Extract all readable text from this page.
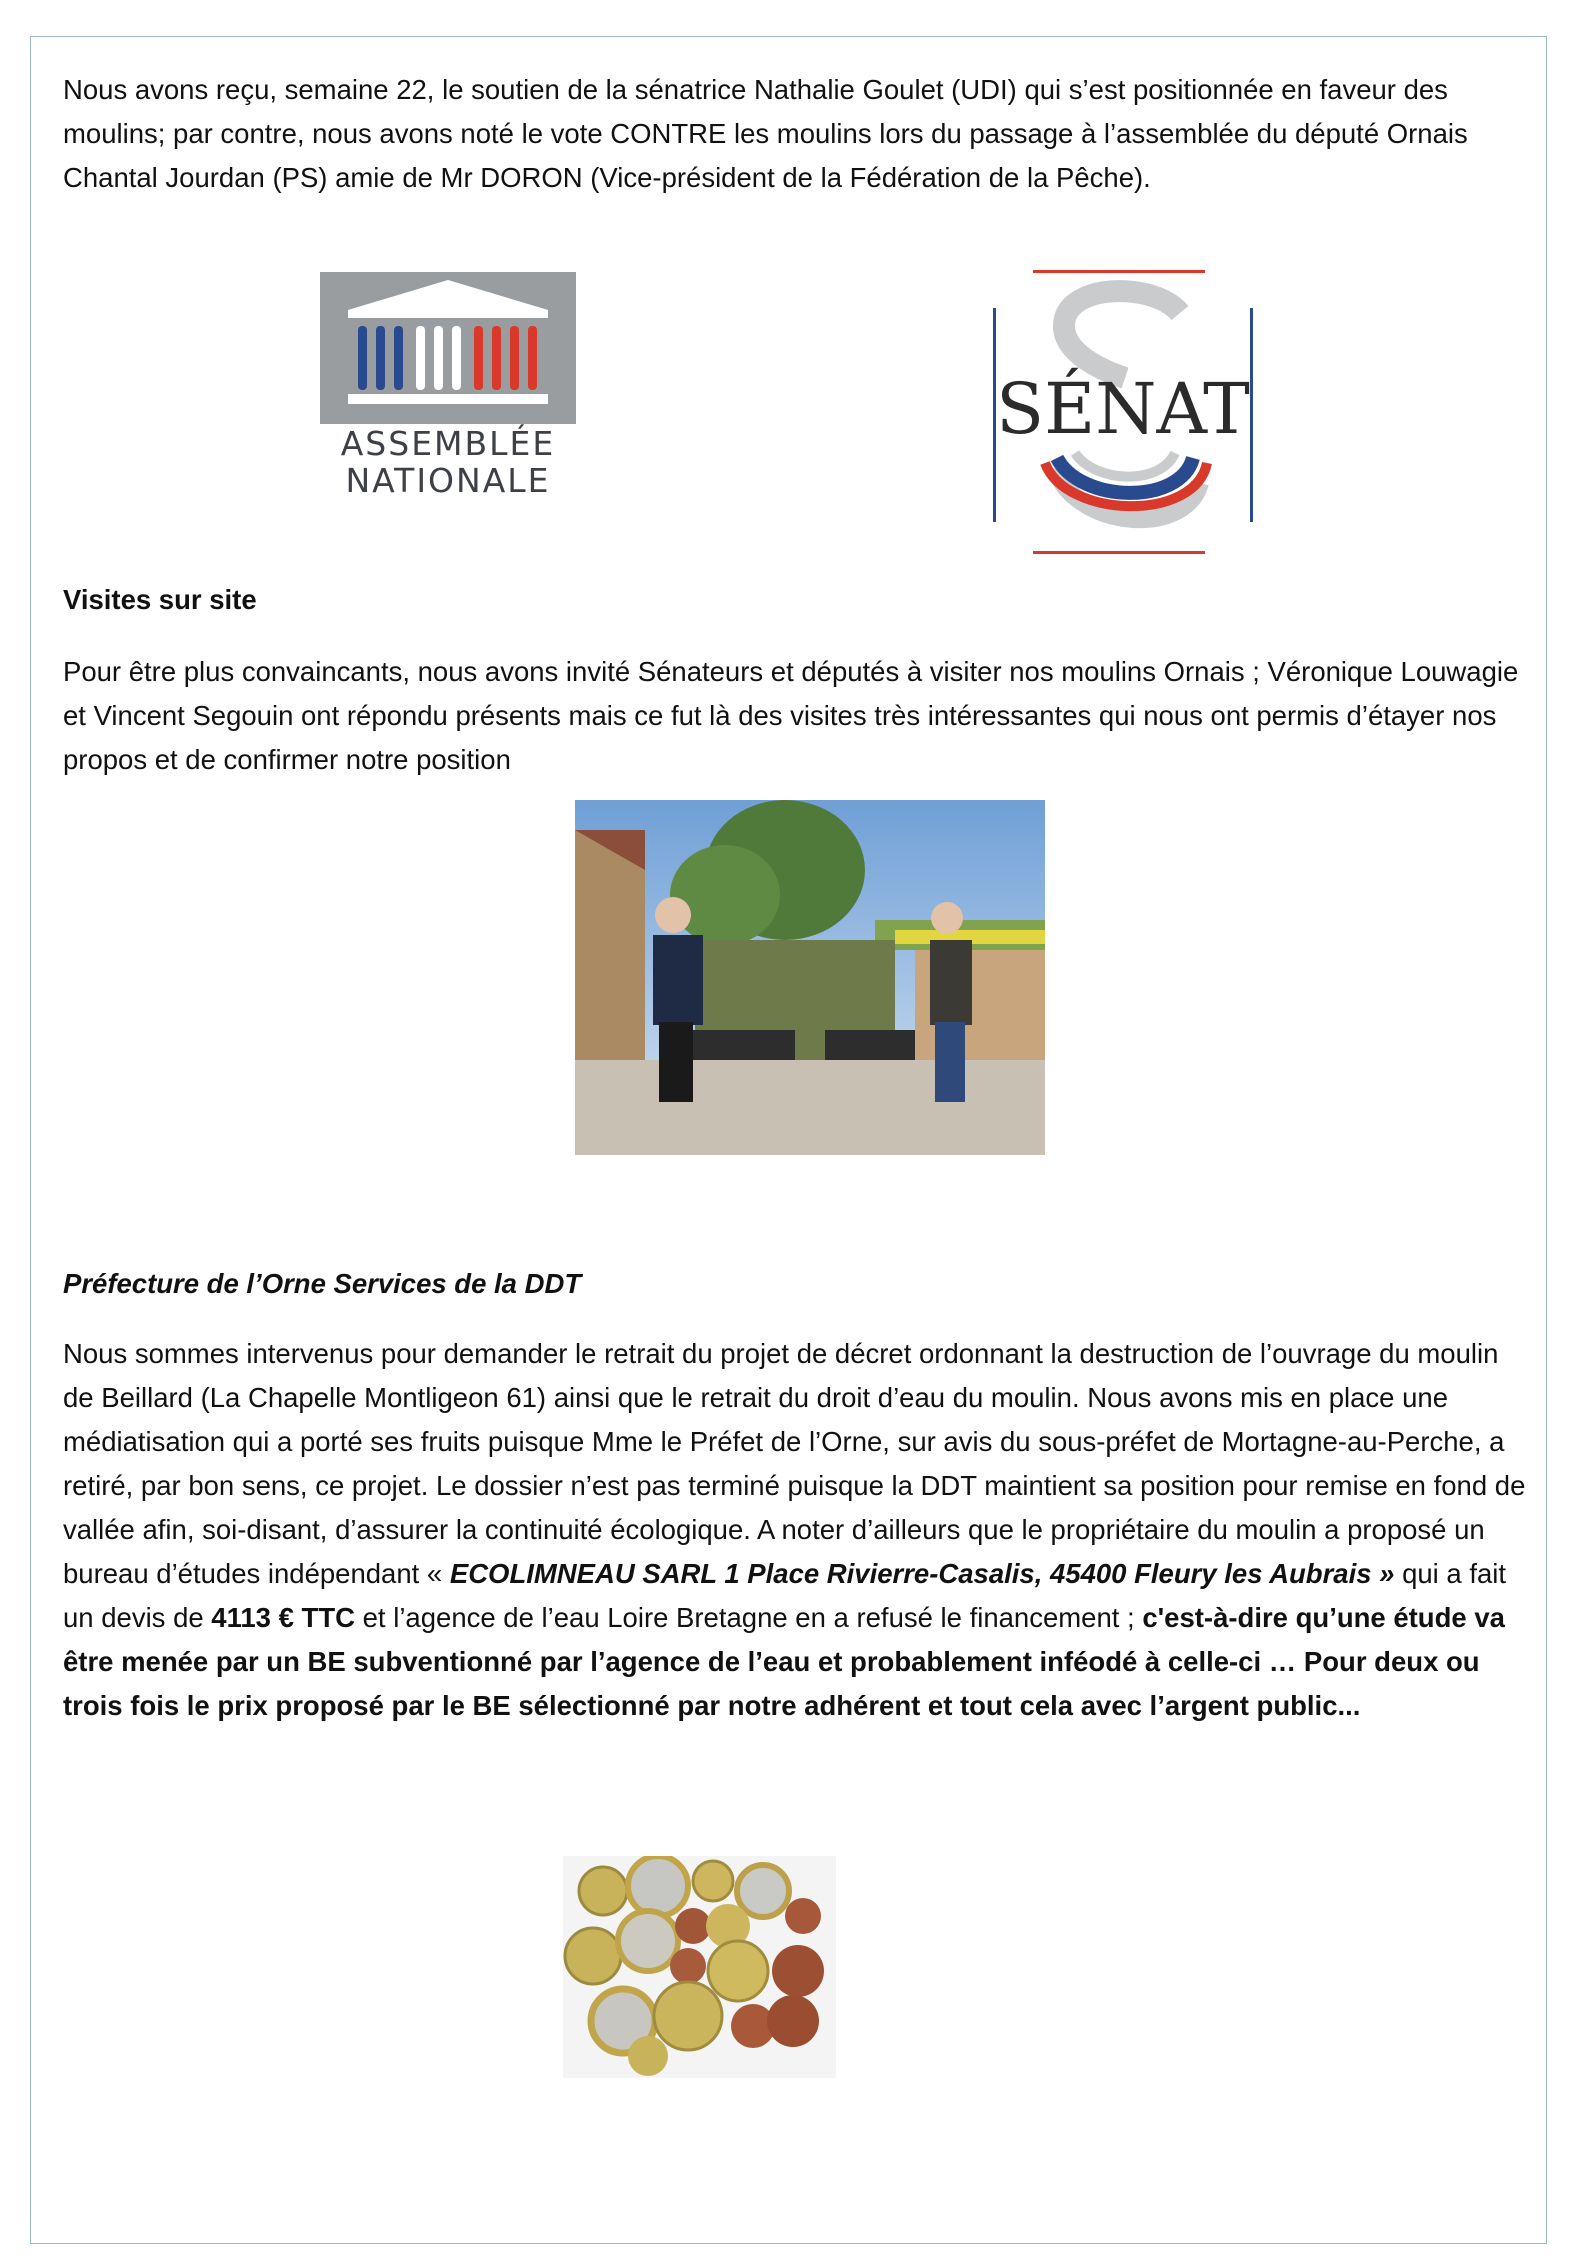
Nous avons reçu, semaine 22, le soutien de la sénatrice Nathalie Goulet (UDI) qui s’est positionnée en faveur des moulins; par contre, nous avons noté le vote CONTRE les moulins lors du passage à l’assemblée du député Ornais Chantal Jourdan (PS) amie de Mr DORON (Vice-président de la Fédération de la Pêche).

ASSEMBLÉE
NATIONALE
SÉNAT

Visites sur site

Pour être plus convaincants, nous avons invité Sénateurs et députés à visiter nos moulins Ornais ; Véronique Louwagie et Vincent Segouin ont répondu présents mais ce fut là des visites très intéressantes qui nous ont permis d’étayer nos propos et de confirmer notre position

Préfecture de l’Orne Services de la DDT

Nous sommes intervenus pour demander le retrait du projet de décret ordonnant la destruction de l’ouvrage du moulin de Beillard (La Chapelle Montligeon 61) ainsi que le retrait du droit d’eau du moulin. Nous avons mis en place une médiatisation qui a porté ses fruits puisque Mme le Préfet de l’Orne, sur avis du sous-préfet de Mortagne-au-Perche, a retiré, par bon sens, ce projet. Le dossier n’est pas terminé puisque la DDT maintient sa position pour remise en fond de vallée afin, soi-disant, d’assurer la continuité écologique. A noter d’ailleurs que le propriétaire du moulin a proposé un bureau d’études indépendant « ECOLIMNEAU SARL 1 Place Rivierre-Casalis, 45400 Fleury les Aubrais » qui a fait un devis de 4113 € TTC et l’agence de l’eau Loire Bretagne en a refusé le financement ; c'est-à-dire qu’une étude va être menée par un BE subventionné par l’agence de l’eau et probablement inféodé à celle-ci … Pour deux ou trois fois le prix proposé par le BE sélectionné par notre adhérent et tout cela avec l’argent public...
